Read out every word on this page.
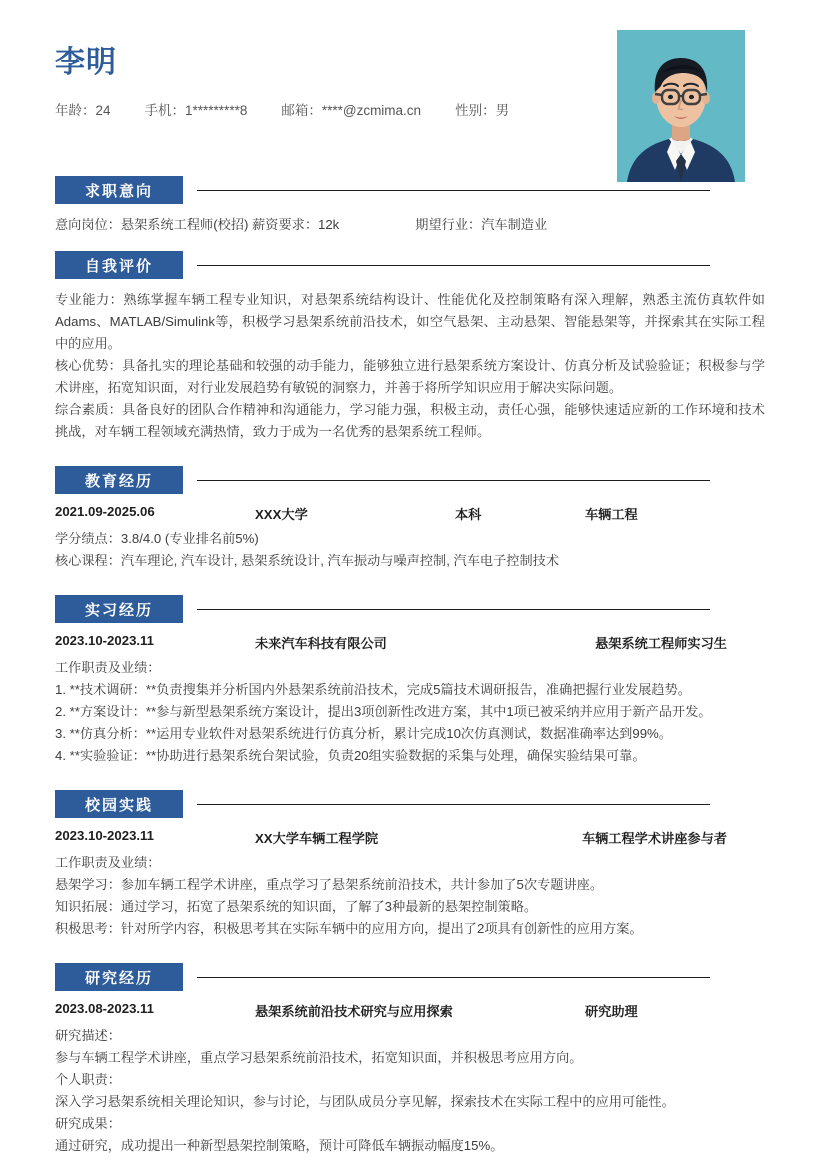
李明
年龄：24	手机：1*********8	邮箱：****@zcmima.cn	性别：男
求职意向
意向岗位：悬架系统工程师(校招) 薪资要求：12k	期望行业：汽车制造业
自我评价

专业能力：熟练掌握车辆工程专业知识，对悬架系统结构设计、性能优化及控制策略有深入理解，熟悉主流仿真软件如Adams、MATLAB/Simulink等，积极学习悬架系统前沿技术，如空气悬架、主动悬架、智能悬架等，并探索其在实际工程中的应用。

核心优势：具备扎实的理论基础和较强的动手能力，能够独立进行悬架系统方案设计、仿真分析及试验验证；积极参与学术讲座，拓宽知识面，对行业发展趋势有敏锐的洞察力，并善于将所学知识应用于解决实际问题。

综合素质：具备良好的团队合作精神和沟通能力，学习能力强，积极主动，责任心强，能够快速适应新的工作环境和技术挑战，对车辆工程领域充满热情，致力于成为一名优秀的悬架系统工程师。

教育经历
2021.09-2025.06	XXX大学	本科	车辆工程

学分绩点：3.8/4.0 (专业排名前5%)

核心课程：汽车理论, 汽车设计, 悬架系统设计, 汽车振动与噪声控制, 汽车电子控制技术

实习经历
2023.10-2023.11	未来汽车科技有限公司	悬架系统工程师实习生

工作职责及业绩：

1. **技术调研：**负责搜集并分析国内外悬架系统前沿技术，完成5篇技术调研报告，准确把握行业发展趋势。

2. **方案设计：**参与新型悬架系统方案设计，提出3项创新性改进方案，其中1项已被采纳并应用于新产品开发。

3. **仿真分析：**运用专业软件对悬架系统进行仿真分析，累计完成10次仿真测试，数据准确率达到99%。

4. **实验验证：**协助进行悬架系统台架试验，负责20组实验数据的采集与处理，确保实验结果可靠。

校园实践
2023.10-2023.11	XX大学车辆工程学院	车辆工程学术讲座参与者

工作职责及业绩：

悬架学习：参加车辆工程学术讲座，重点学习了悬架系统前沿技术，共计参加了5次专题讲座。

知识拓展：通过学习，拓宽了悬架系统的知识面，了解了3种最新的悬架控制策略。

积极思考：针对所学内容，积极思考其在实际车辆中的应用方向，提出了2项具有创新性的应用方案。

研究经历
2023.08-2023.11	悬架系统前沿技术研究与应用探索	研究助理

研究描述：

参与车辆工程学术讲座，重点学习悬架系统前沿技术，拓宽知识面，并积极思考应用方向。

个人职责：

深入学习悬架系统相关理论知识，参与讨论，与团队成员分享见解，探索技术在实际工程中的应用可能性。

研究成果：

通过研究，成功提出一种新型悬架控制策略，预计可降低车辆振动幅度15%。
